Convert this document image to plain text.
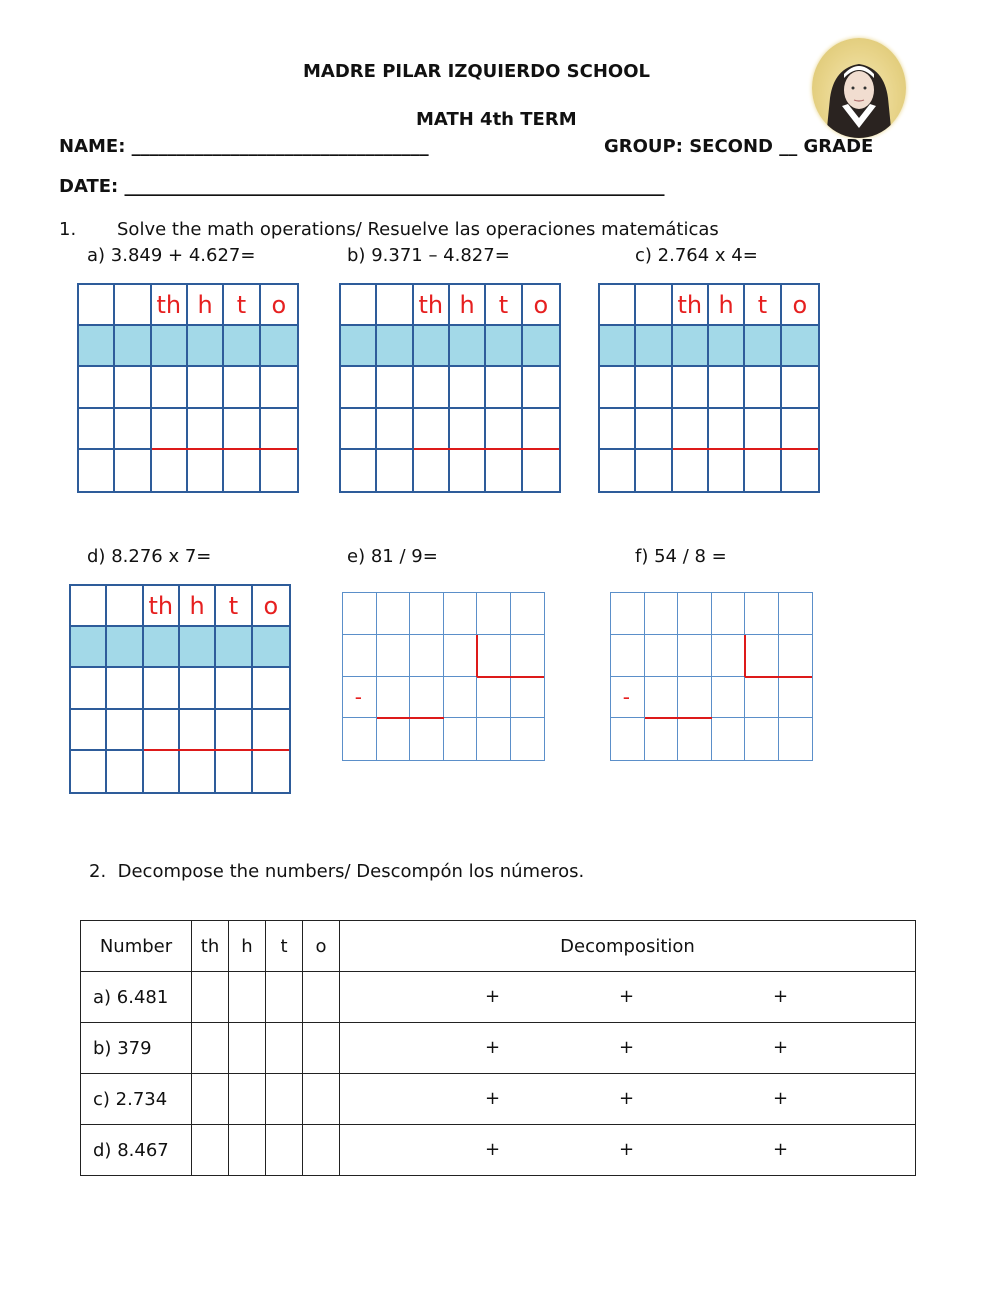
MADRE PILAR IZQUIERDO SCHOOL
MATH 4th TERM
NAME: _________________________________	GROUP: SECOND __ GRADE
DATE: ____________________________________________________________
1. Solve the math operations/ Resuelve las operaciones matemáticas
a) 3.849 + 4.627=	b) 9.371 – 4.827=	c) 2.764 x 4=
d) 8.276 x 7=	e) 81 / 9=	f) 54 / 8 =
th h	t	o	th h	t	o	th h	t	o
th h	t	o
-	-
2.  Decompose the numbers/ Descompón los números.
Number	th	h	t	o	Decomposition
a) 6.481					+ + +

b) 379					+ + +

c) 2.734					+ + +

d) 8.467					+ + +
